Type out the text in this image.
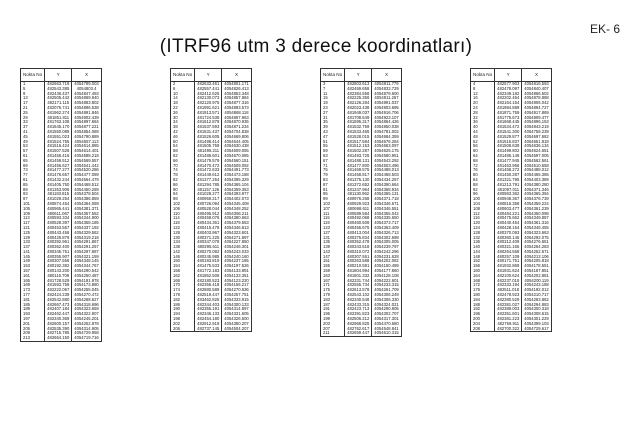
EK- 6
(ITRF96 utm 3 derece koordinatları)
Nokta No	Y	X
1	482663.719	4054789.003
5	482543.385	4054803.4
9	482436.437	4054847.493
13	482505.442	4054869.940
17	482171.115	4054883.802
21	482076.741	4054896.538
25	481962.274	4054891.846
29	481851.811	4054902.439
33	481763.108	4054897.684
37	481645.170	4054877.221
41	481550.089	4054854.089
45	481551.023	4054790.889
49	481524.755	4054657.113
53	481516.424	4054614.885
57	481507.526	4054614.401
61	481456.416	4054588.218
65	481459.512	4054569.557
69	481456.627	4054541.442
73	481477.277	4054520.286
77	481476.657	4054477.089
81	481432.244	4054564.479
85	481405.750	4054468.512
89	481353.906	4054450.289
93	481183.815	4054378.504
97	481029.254	4054386.859
101	480874.454	4054364.059
105	480965.441	4054381.371
109	480611.067	4054357.552
113	480593.334	4054344.900
117	480528.397	4054358.185
121	480453.567	4054337.192
125	480443.456	4054329.562
129	480425.879	4054319.218
133	480392.961	4054291.867
137	480362.400	4054291.257
141	480345.751	4054297.687
145	480355.907	4054321.159
149	480307.556	4054348.145
153	480192.382	4054344.767
157	480143.200	4054290.542
161	480116.709	4054250.487
165	481728.529	4054191.978
169	481593.758	4054173.880
173	482222.067	4054255.045
177	482424.239	4054270.472
181	482542.880	4054268.627
185	482667.473	4054318.696
189	482407.184	4054323.659
193	482462.447	4054322.907
197	482340.369	4054245.201
201	482600.157	4054252.878
205	482535.390	4054314.905
209	482715.785	4054729.958
213	482664.150	4054719.716
Nokta No	Y	X
2	482633.461	4054801.171
6	482557.441	4054826.413
10	482412.625	4054853.348
14	482130.073	4054857.884
18	482120.975	4054877.316
22	481991.621	4054893.573
26	481913.571	4054868.118
30	481724.536	4054867.963
34	481612.879	4054870.935
38	481537.593	4054871.234
42	481531.437	4054704.838
46	481526.605	4054669.806
50	481498.414	4054644.405
54	481505.759	4054630.438
58	481495.211	4054609.055
62	481486.601	4054570.085
66	481479.579	4054560.151
70	481470.472	4054509.092
74	481472.633	4054491.773
78	481449.612	4054473.188
82	481377.254	4054395.329
86	481294.785	4054365.104
90	481157.126	4054359.353
94	481028.277	4054393.977
98	480959.217	4054402.073
102	480726.094	4054345.408
106	480528.044	4054348.252
110	480495.912	4054356.211
114	480459.076	4054380.663
118	480434.361	4054379.553
122	480415.478	4054346.813
126	480403.967	4054323.601
130	480371.225	4054271.897
134	480347.078	4054227.850
138	480295.611	4054246.301
142	480270.082	4054243.033
146	480245.985	4054240.160
150	480193.819	4054237.185
154	481475.533	4054197.526
158	481772.183	4054133.891
162	481862.506	4054133.351
166	482180.523	4054123.220
170	482356.418	4054156.217
174	482880.589	4054270.636
178	482519.447	4054257.751
182	483462.825	4054333.915
186	482344.403	4054300.133
190	482355.191	4054314.897
194	482346.133	4054331.605
198	482454.180	4054326.500
202	482912.919	4054380.207
206	482737.145	4054504.207
Nokta No	Y	X
3	482803.613	4054911.779
7	482469.658	4054833.729
11	482384.558	4054879.600
15	482225.356	4054911.267
19	482126.284	4054891.037
23	482023.438	4054903.695
27	481949.037	4054916.706
31	481708.549	4054923.107
35	481595.317	4054864.426
39	481532.759	4054850.038
43	481533.465	4054781.002
47	481528.015	4054684.359
51	481517.584	4054676.284
55	481512.153	4054663.097
59	481502.287	4054625.175
63	481493.725	4054580.951
67	481488.131	4054543.292
71	481477.800	4054503.496
75	481469.575	4054488.013
79	481458.817	4054468.503
83	481375.130	4054434.257
87	481372.652	4054390.664
91	481247.964	4054368.934
95	481130.962	4054365.131
99	480976.268	4054371.718
103	480929.923	4054346.671
107	480698.611	4054346.551
111	480589.584	4054355.042
115	480492.068	4054335.650
119	480460.508	4054373.717
123	480456.675	4054363.409
127	480413.004	4054326.713
131	480375.834	4054302.698
135	480352.478	4054305.005
139	480343.518	4054239.797
143	480310.072	4054242.296
147	480307.551	4054231.628
151	480263.588	4054202.082
155	480210.591	4054150.489
159	481804.994	4054177.860
163	481801.332	4054128.108
167	482331.744	4054222.601
171	482555.734	4054233.315
175	482613.578	4054261.709
179	482543.102	4054306.249
183	482340.548	4054306.330
187	482433.315	4054324.021
191	482423.713	4054290.805
195	482391.823	4054302.707
199	482506.212	4054317.301
203	482968.825	4054470.680
207	482762.617	4054548.841
211	482659.447	4054610.315
Nokta No	Y	X
4	482577.903	4054816.593
8	482479.097	4054840.407
12	482349.182	4054866.502
16	482202.464	4054878.888
20	482164.154	4054906.042
24	481984.889	4054894.727
28	481871.759	4054917.869
32	481775.673	4054909.477
36	481668.445	4054896.153
40	481534.472	4054843.219
44	481541.300	4054758.239
48	481529.877	4054697.682
52	481516.837	4054651.818
56	481508.639	4054636.134
60	481499.802	4054624.651
64	481486.148	4054597.005
68	481477.945	4054562.561
72	481463.956	4054510.658
76	481458.272	4054488.012
80	481450.287	4054465.385
84	481321.795	4054403.389
88	481213.791	4054380.280
92	481097.011	4054371.346
96	480983.362	4054365.394
100	480948.367	4054376.739
104	480816.358	4054359.224
108	480603.477	4054361.239
112	480484.221	4054350.098
116	480475.662	4054349.887
120	480440.454	4054361.316
124	480428.154	4054346.455
128	480370.093	4054323.663
132	480360.145	4054292.075
136	480312.409	4054276.651
140	480321.165	4054264.283
144	480264.558	4054252.671
148	480257.109	4054213.106
152	480171.751	4054205.818
156	481932.869	4054178.551
160	481931.624	4054187.851
164	482100.624	4054202.881
168	482237.015	4054200.119
172	482333.194	4054243.188
176	482511.018	4054192.012
180	482478.923	4054210.717
184	482380.529	4054283.862
188	482381.027	4054294.883
192	482389.003	4054300.318
196	482351.601	4054308.615
200	482381.223	4054301.229
204	482759.911	4054399.103
208	482700.322	4054729.617
